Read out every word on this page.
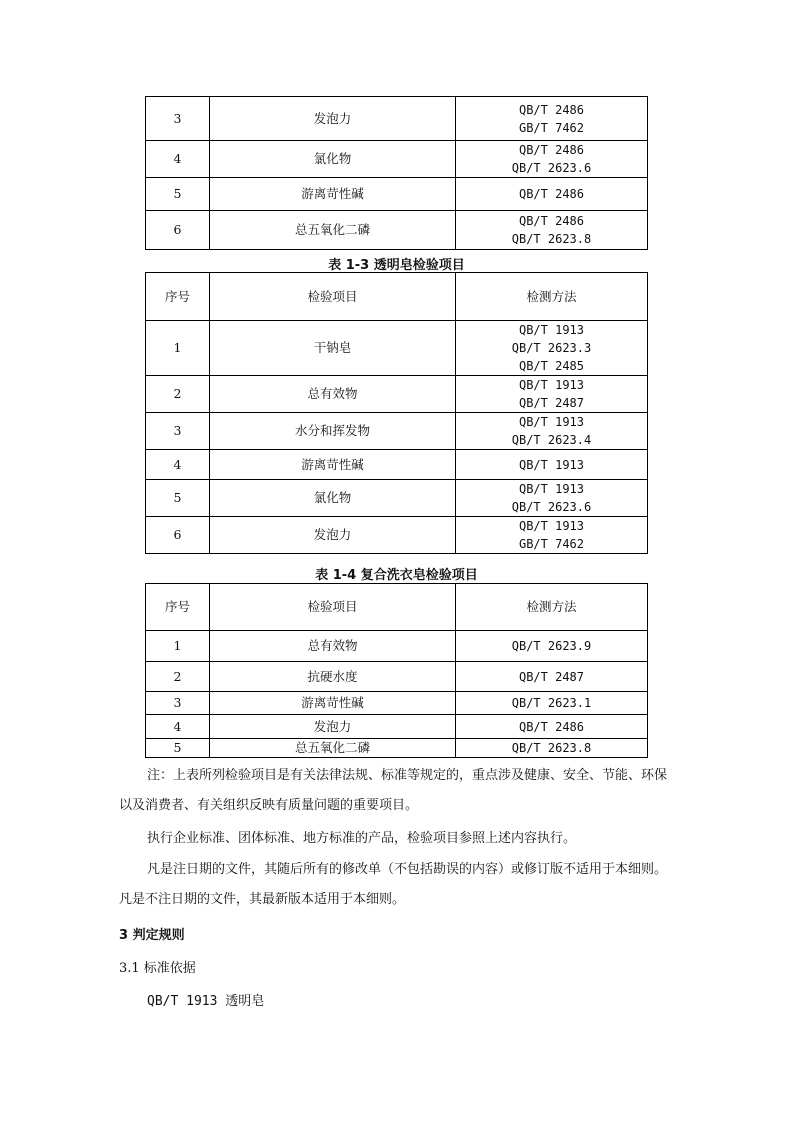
3	发泡力	QB/T 2486
GB/T 7462

4	氯化物	QB/T 2486
QB/T 2623.6

5	游离苛性碱	QB/T 2486

6	总五氧化二磷	QB/T 2486
QB/T 2623.8
表 1-3 透明皂检验项目
序号	检验项目	检测方法
1	干钠皂	QB/T 1913
QB/T 2623.3
QB/T 2485

2	总有效物	QB/T 1913
QB/T 2487

3	水分和挥发物	QB/T 1913
QB/T 2623.4

4	游离苛性碱	QB/T 1913

5	氯化物	QB/T 1913
QB/T 2623.6

6	发泡力	QB/T 1913
GB/T 7462
表 1-4 复合洗衣皂检验项目
序号	检验项目	检测方法
1	总有效物	QB/T 2623.9

2	抗硬水度	QB/T 2487

3	游离苛性碱	QB/T 2623.1

4	发泡力	QB/T 2486

5	总五氧化二磷	QB/T 2623.8
注：上表所列检验项目是有关法律法规、标准等规定的，重点涉及健康、安全、节能、环保以及消费者、有关组织反映有质量问题的重要项目。
执行企业标准、团体标准、地方标准的产品，检验项目参照上述内容执行。
凡是注日期的文件，其随后所有的修改单（不包括勘误的内容）或修订版不适用于本细则。凡是不注日期的文件，其最新版本适用于本细则。
3 判定规则
3.1 标准依据
QB/T 1913 透明皂
